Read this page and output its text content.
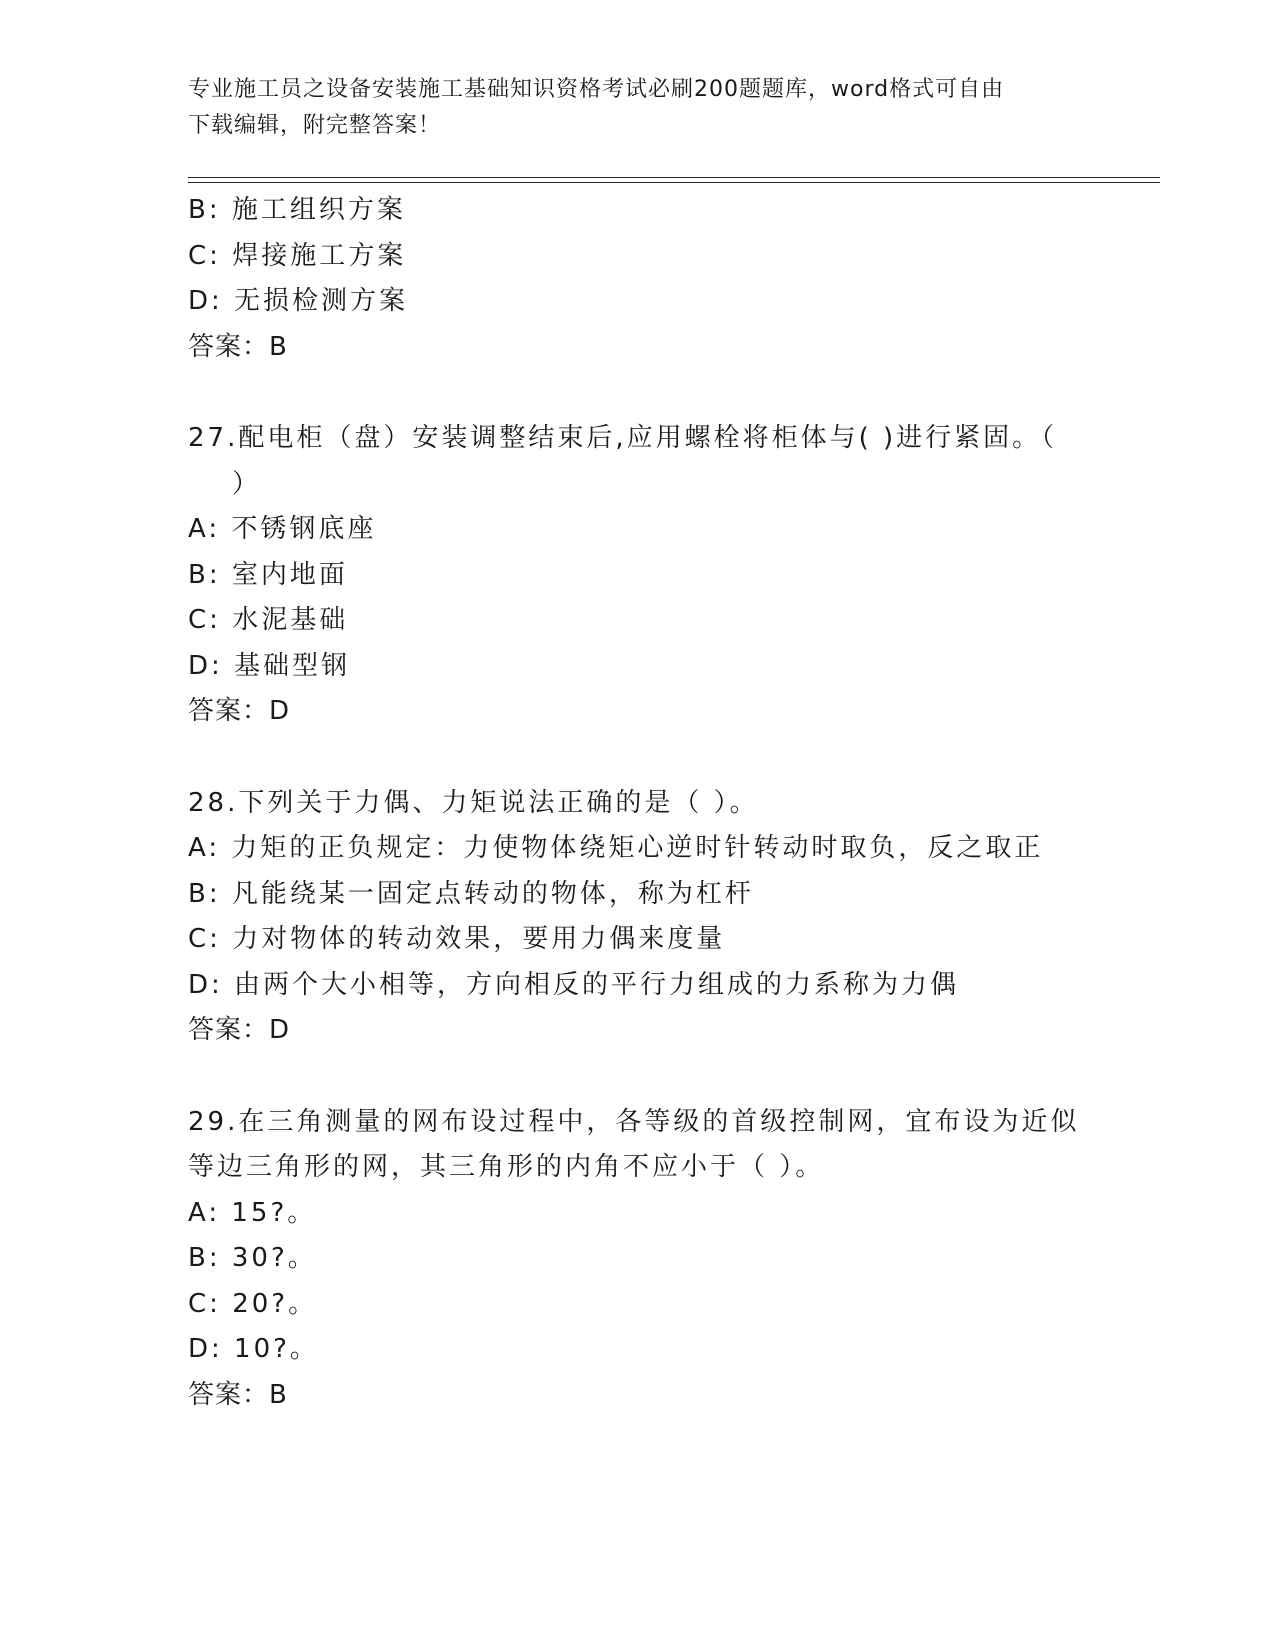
专业施工员之设备安装施工基础知识资格考试必刷200题题库，word格式可自由
下载编辑，附完整答案！
B: 施工组织方案
C: 焊接施工方案
D: 无损检测方案
答案：B
27.配电柜（盘）安装调整结束后,应用螺栓将柜体与( )进行紧固。（
）
A: 不锈钢底座
B: 室内地面
C: 水泥基础
D: 基础型钢
答案：D
28.下列关于力偶、力矩说法正确的是（ ）。
A: 力矩的正负规定：力使物体绕矩心逆时针转动时取负，反之取正
B: 凡能绕某一固定点转动的物体，称为杠杆
C: 力对物体的转动效果，要用力偶来度量
D: 由两个大小相等，方向相反的平行力组成的力系称为力偶
答案：D
29.在三角测量的网布设过程中，各等级的首级控制网，宜布设为近似
等边三角形的网，其三角形的内角不应小于（ ）。
A: 15?。
B: 30?。
C: 20?。
D: 10?。
答案：B
